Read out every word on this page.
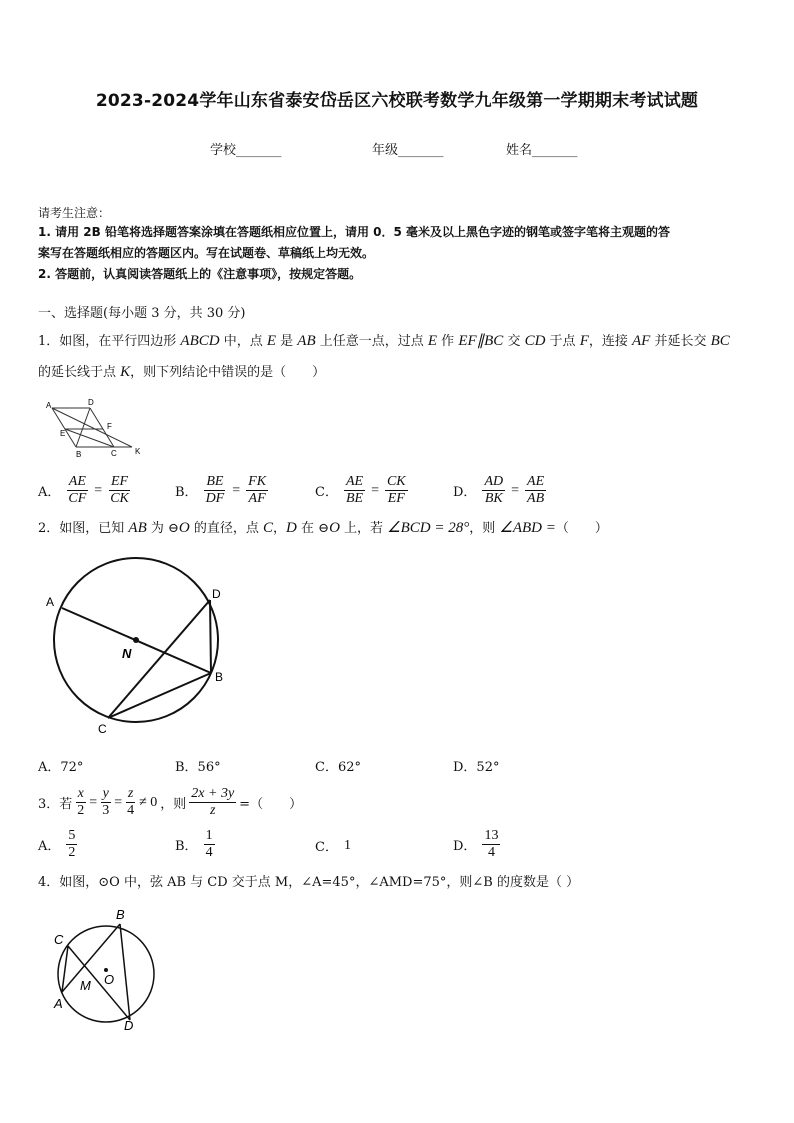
2023-2024学年山东省泰安岱岳区六校联考数学九年级第一学期期末考试试题
学校_______	年级_______	姓名_______
请考生注意：
1. 请用 2B 铅笔将选择题答案涂填在答题纸相应位置上，请用 0．5 毫米及以上黑色字迹的钢笔或签字笔将主观题的答
案写在答题纸相应的答题区内。写在试题卷、草稿纸上均无效。
2. 答题前，认真阅读答题纸上的《注意事项》，按规定答题。
一、选择题(每小题 3 分，共 30 分)
1．如图，在平行四边形 ABCD 中，点 E 是 AB 上任意一点，过点 E 作 EF∥BC 交 CD 于点 F，连接 AF 并延长交 BC
的延长线于点 K，则下列结论中错误的是（　　）
A	D
E
F
B	C K
A． $\frac{AE}{CF} = \frac{EF}{CK}$	B． $\frac{BE}{DF} = \frac{FK}{AF}$	C． $\frac{AE}{BE} = \frac{CK}{EF}$	D． $\frac{AD}{BK} = \frac{AE}{AB}$
2．如图，已知 AB 为 ⊖O 的直径，点 C，D 在 ⊖O 上，若 ∠BCD = 28°，则 ∠ABD =（　　）
A
D
N
B
C
A．72°	B．56°	C．62°	D．52°
3．若 $\frac{x}{2} = \frac{y}{3} = \frac{z}{4} \ne 0$ ，则 $\frac{2x + 3y}{z}$ =（　　）
A． $\frac{5}{2}$	B． $\frac{1}{4}$	C． 1	D． $\frac{13}{4}$
4．如图，⊙O 中，弦 AB 与 CD 交于点 M，∠A=45°，∠AMD=75°，则∠B 的度数是（ ）
B
C
O
M
A
D
